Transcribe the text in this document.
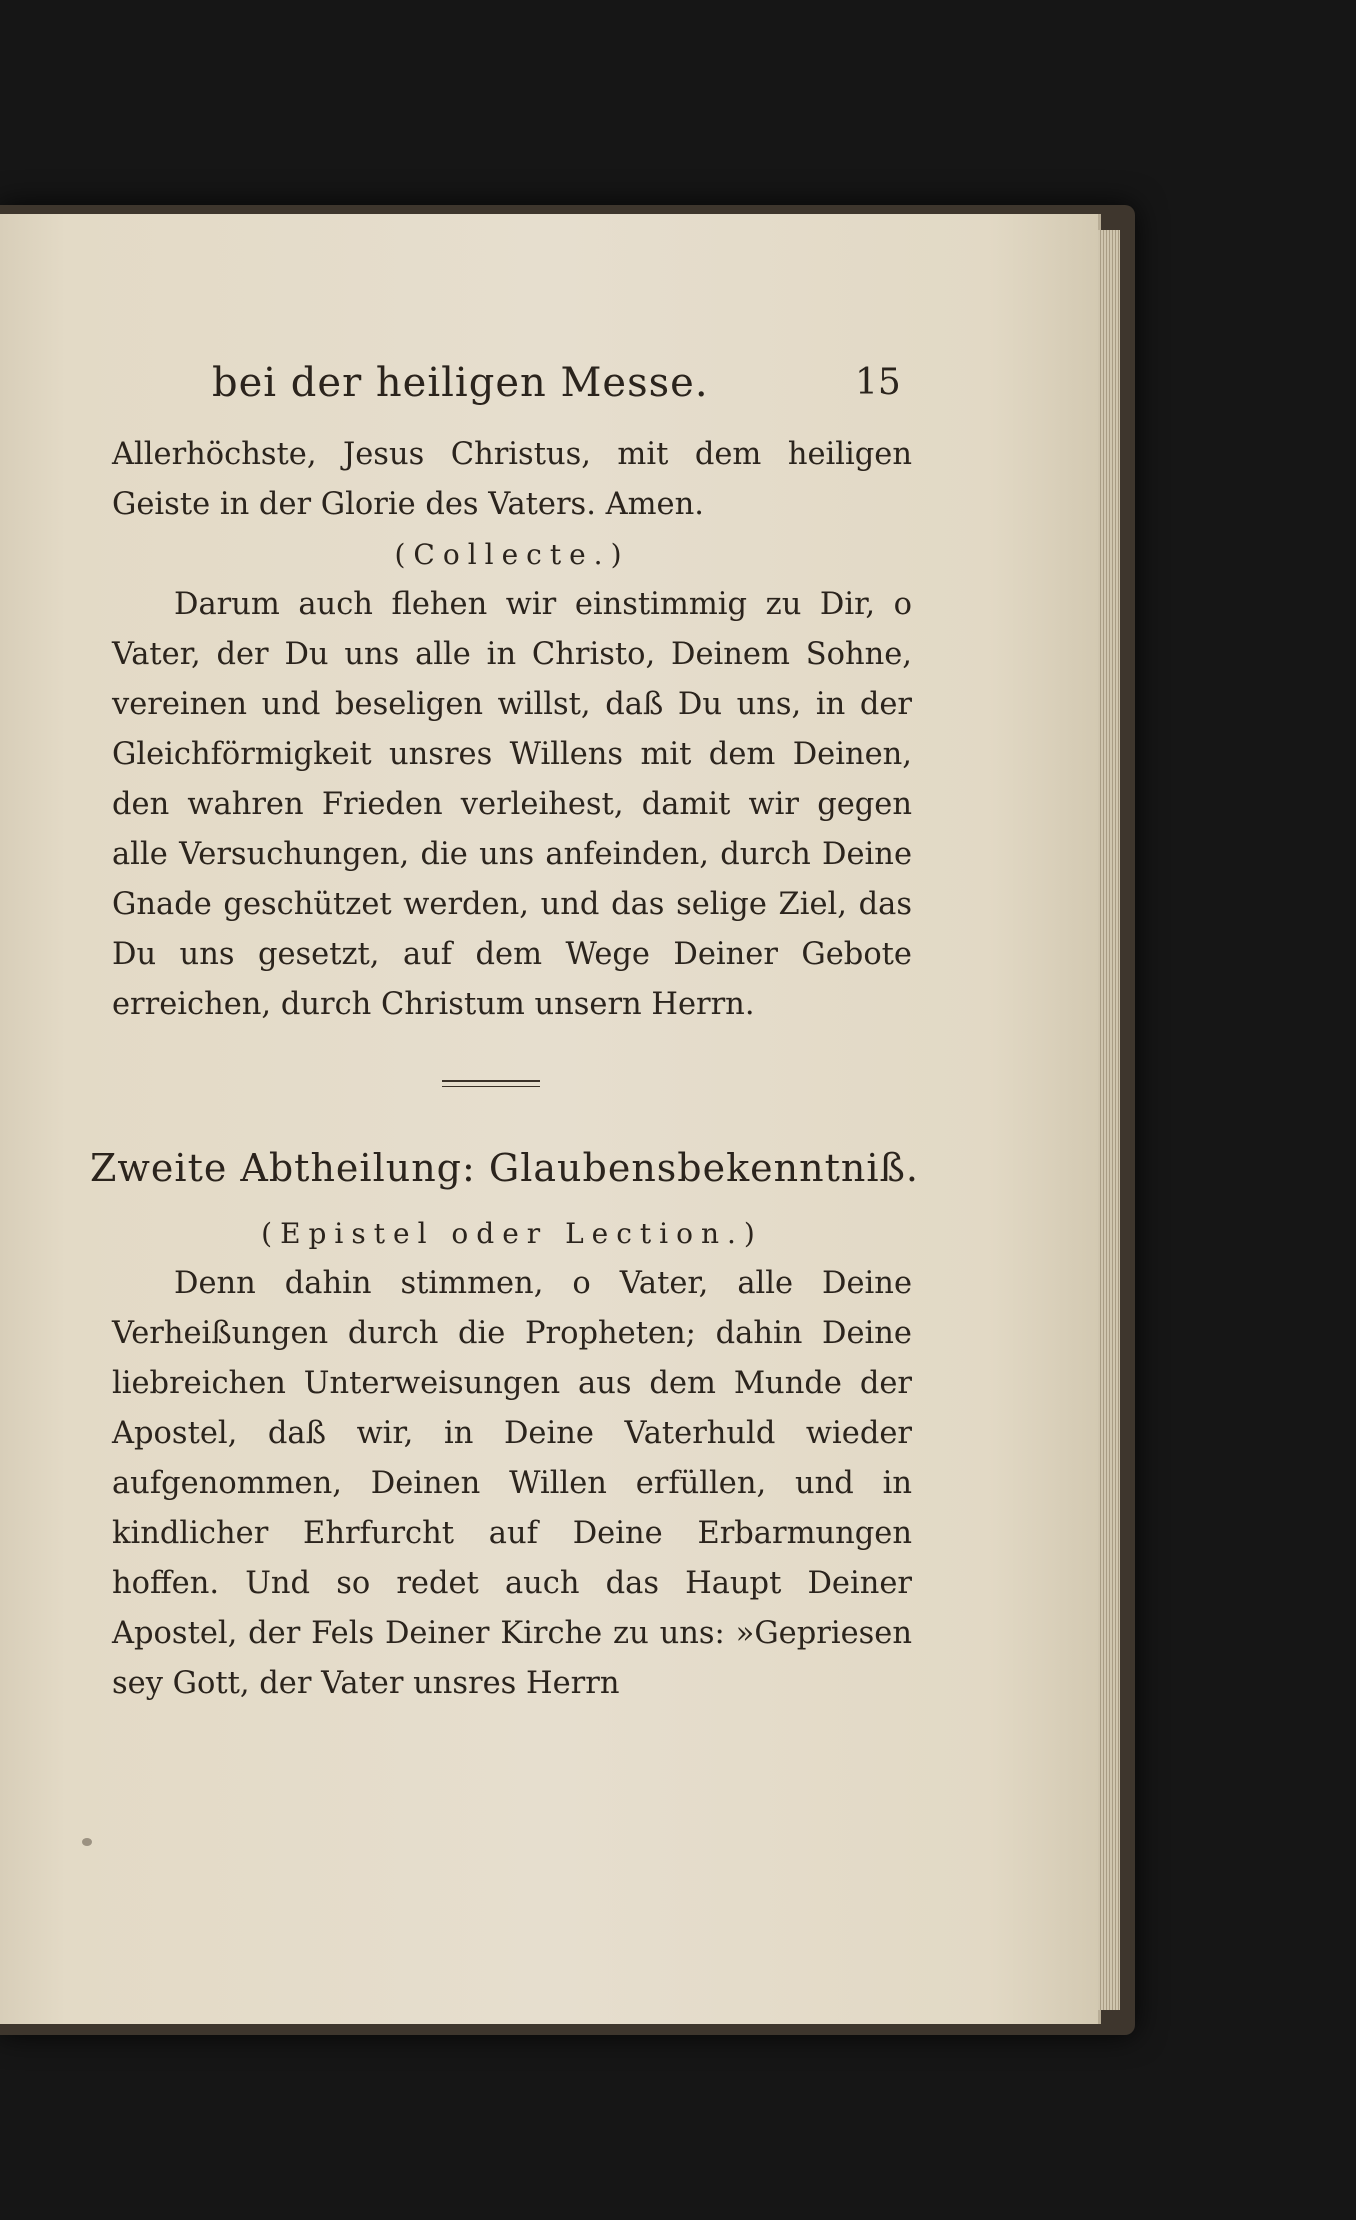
bei der heiligen Messe.	15

Allerhöchste, Jesus Christus, mit dem heiligen Geiste in der Glorie des Vaters. Amen.

(Collecte.)

Darum auch flehen wir einstimmig zu Dir, o Vater, der Du uns alle in Christo, Deinem Sohne, vereinen und beseligen willst, daß Du uns, in der Gleichförmigkeit unsres Willens mit dem Deinen, den wahren Frieden verleihest, damit wir gegen alle Versuchungen, die uns anfeinden, durch Deine Gnade geschützet werden, und das selige Ziel, das Du uns gesetzt, auf dem Wege Deiner Gebote erreichen, durch Christum unsern Herrn.

Zweite Abtheilung: Glaubensbekenntniß.

(Epistel oder Lection.)

Denn dahin stimmen, o Vater, alle Deine Verheißungen durch die Propheten; dahin Deine liebreichen Unterweisungen aus dem Munde der Apostel, daß wir, in Deine Vaterhuld wieder aufgenommen, Deinen Willen erfüllen, und in kindlicher Ehrfurcht auf Deine Erbarmungen hoffen. Und so redet auch das Haupt Deiner Apostel, der Fels Deiner Kirche zu uns: »Gepriesen sey Gott, der Vater unsres Herrn
